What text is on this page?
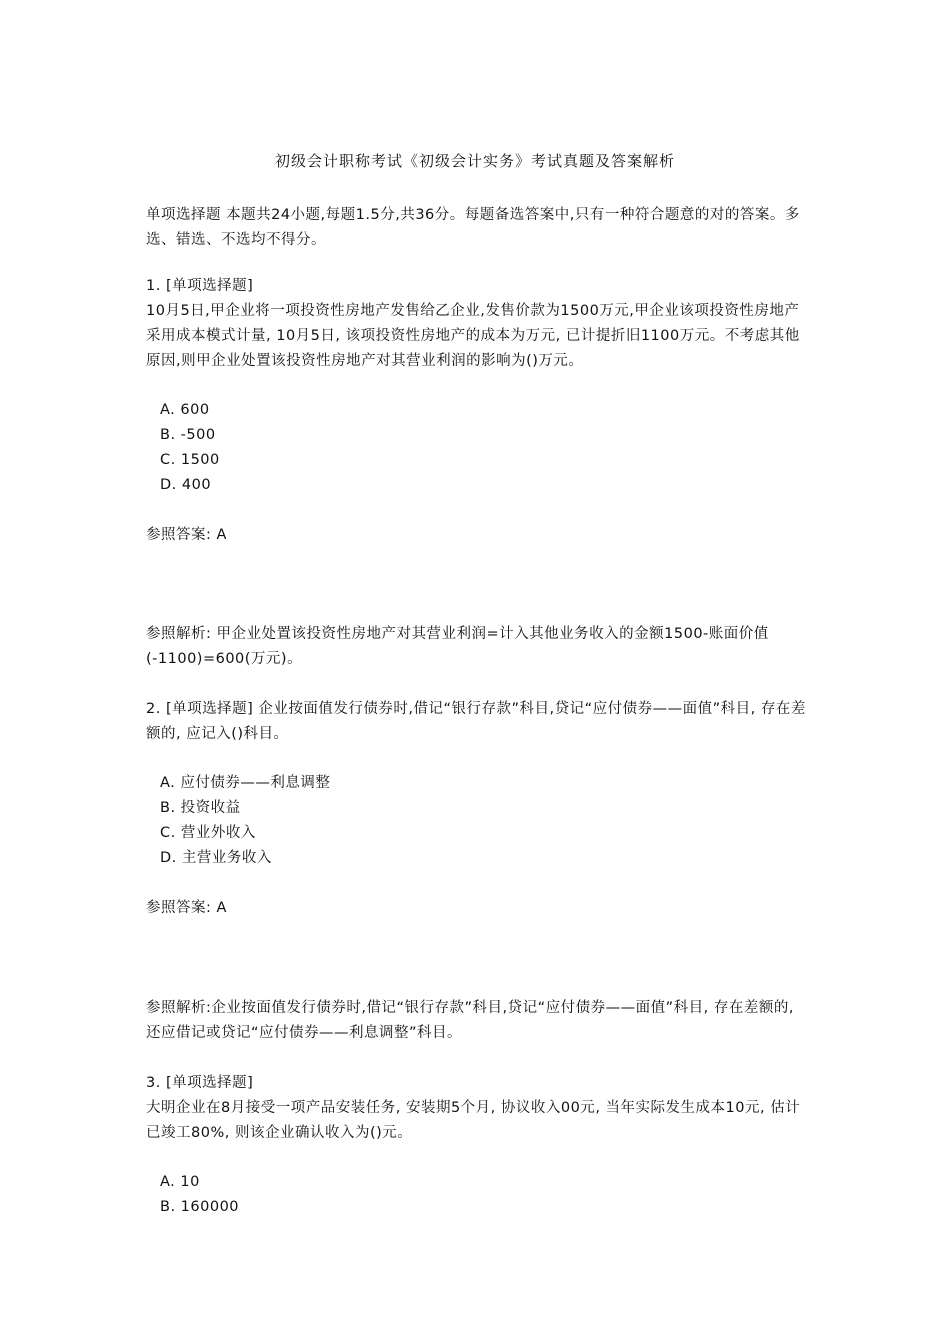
初级会计职称考试《初级会计实务》考试真题及答案解析

单项选择题 本题共24小题,每题1.5分,共36分。每题备选答案中,只有一种符合题意的对的答案。多选、错选、不选均不得分。

1. [单项选择题]

10月5日,甲企业将一项投资性房地产发售给乙企业,发售价款为1500万元,甲企业该项投资性房地产采用成本模式计量, 10月5日, 该项投资性房地产的成本为万元, 已计提折旧1100万元。不考虑其他原因,则甲企业处置该投资性房地产对其营业利润的影响为()万元。

A. 600
B. -500
C. 1500
D. 400

参照答案: A

参照解析: 甲企业处置该投资性房地产对其营业利润=计入其他业务收入的金额1500-账面价值(-1100)=600(万元)。

2. [单项选择题] 企业按面值发行债券时,借记“银行存款”科目,贷记“应付债券——面值”科目, 存在差额的, 应记入()科目。

A. 应付债券——利息调整
B. 投资收益
C. 营业外收入
D. 主营业务收入

参照答案: A

参照解析:企业按面值发行债券时,借记“银行存款”科目,贷记“应付债券——面值”科目, 存在差额的, 还应借记或贷记“应付债券——利息调整”科目。

3. [单项选择题]

大明企业在8月接受一项产品安装任务, 安装期5个月, 协议收入00元, 当年实际发生成本10元, 估计已竣工80%, 则该企业确认收入为()元。

A. 10
B. 160000
